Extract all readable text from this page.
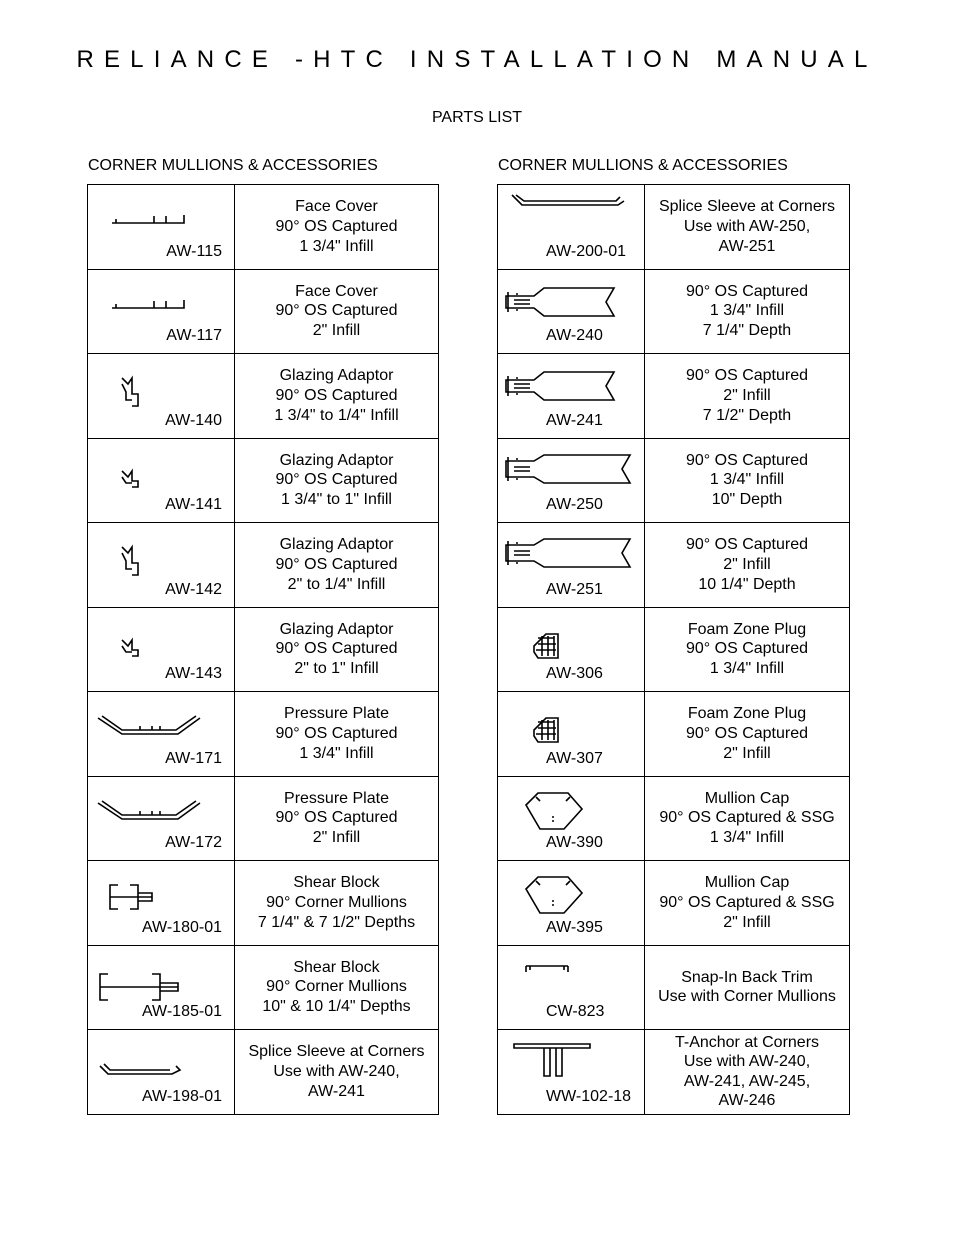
RELIANCE -HTC INSTALLATION MANUAL
PARTS LIST
CORNER MULLIONS & ACCESSORIES	CORNER MULLIONS & ACCESSORIES
AW-115	Face Cover
90° OS Captured
1 3/4" Infill

AW-117	Face Cover
90° OS Captured
2" Infill

AW-140	Glazing Adaptor
90° OS Captured
1 3/4" to 1/4" Infill

AW-141	Glazing Adaptor
90° OS Captured
1 3/4" to 1" Infill

AW-142	Glazing Adaptor
90° OS Captured
2" to 1/4" Infill

AW-143	Glazing Adaptor
90° OS Captured
2" to 1" Infill

AW-171	Pressure Plate
90° OS Captured
1 3/4" Infill

AW-172	Pressure Plate
90° OS Captured
2" Infill

AW-180-01	Shear Block
90° Corner Mullions
7 1/4" & 7 1/2" Depths

AW-185-01	Shear Block
90° Corner Mullions
10" & 10 1/4" Depths

AW-198-01	Splice Sleeve at Corners
Use with AW-240,
AW-241
AW-200-01	Splice Sleeve at Corners
Use with AW-250,
AW-251

AW-240	90° OS Captured
1 3/4" Infill
7 1/4" Depth

AW-241	90° OS Captured
2" Infill
7 1/2" Depth

AW-250	90° OS Captured
1 3/4" Infill
10" Depth

AW-251	90° OS Captured
2" Infill
10 1/4" Depth

AW-306	Foam Zone Plug
90° OS Captured
1 3/4" Infill

AW-307	Foam Zone Plug
90° OS Captured
2" Infill

AW-390	Mullion Cap
90° OS Captured & SSG
1 3/4" Infill

AW-395	Mullion Cap
90° OS Captured & SSG
2" Infill

CW-823	Snap-In Back Trim
Use with Corner Mullions

WW-102-18	T-Anchor at Corners
Use with AW-240,
AW-241, AW-245,
AW-246
